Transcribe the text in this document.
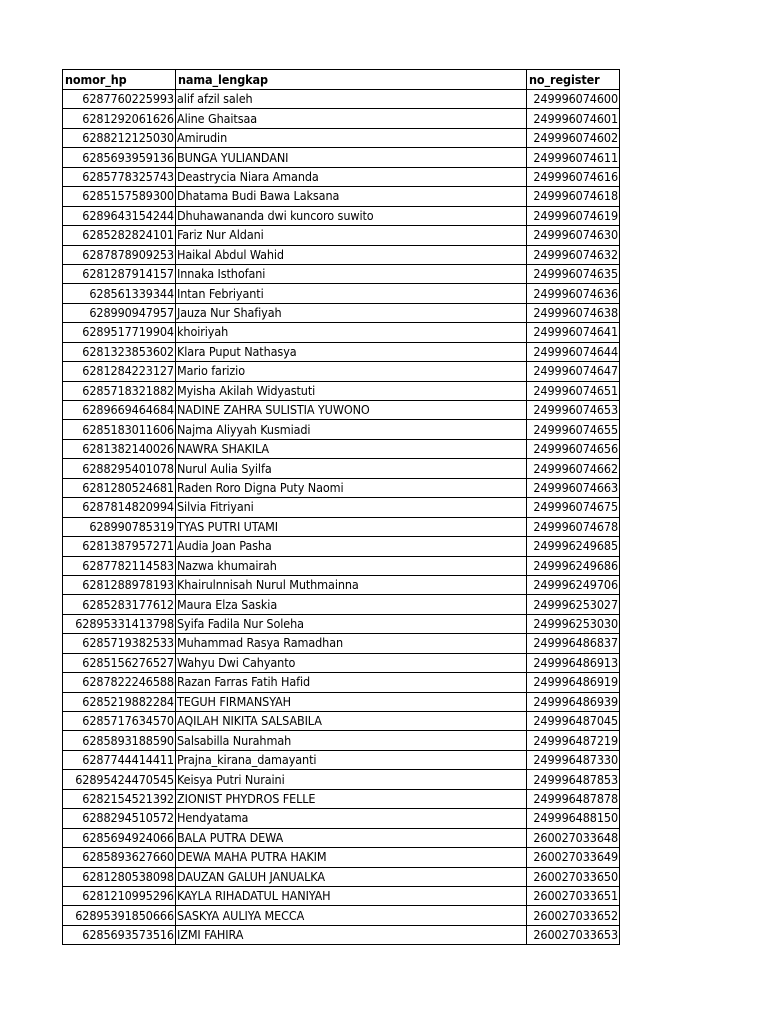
nomor_hp	nama_lengkap	no_register
6287760225993	alif afzil saleh	249996074600
6281292061626	Aline Ghaitsaa	249996074601
6288212125030	Amirudin	249996074602
6285693959136	BUNGA YULIANDANI	249996074611
6285778325743	Deastrycia Niara Amanda	249996074616
6285157589300	Dhatama Budi Bawa Laksana	249996074618
6289643154244	Dhuhawananda dwi kuncoro suwito	249996074619
6285282824101	Fariz Nur Aldani	249996074630
6287878909253	Haikal Abdul Wahid	249996074632
6281287914157	Innaka Isthofani	249996074635
628561339344	Intan Febriyanti	249996074636
628990947957	Jauza Nur Shafiyah	249996074638
6289517719904	khoiriyah	249996074641
6281323853602	Klara Puput Nathasya	249996074644
6281284223127	Mario farizio	249996074647
6285718321882	Myisha Akilah Widyastuti	249996074651
6289669464684	NADINE ZAHRA SULISTIA YUWONO	249996074653
6285183011606	Najma Aliyyah Kusmiadi	249996074655
6281382140026	NAWRA SHAKILA	249996074656
6288295401078	Nurul Aulia Syilfa	249996074662
6281280524681	Raden Roro Digna Puty Naomi	249996074663
6287814820994	Silvia Fitriyani	249996074675
628990785319	TYAS PUTRI UTAMI	249996074678
6281387957271	Audia Joan Pasha	249996249685
6287782114583	Nazwa khumairah	249996249686
6281288978193	Khairulnnisah Nurul Muthmainna	249996249706
6285283177612	Maura Elza Saskia	249996253027
62895331413798	Syifa Fadila Nur Soleha	249996253030
6285719382533	Muhammad Rasya Ramadhan	249996486837
6285156276527	Wahyu Dwi Cahyanto	249996486913
6287822246588	Razan Farras Fatih Hafid	249996486919
6285219882284	TEGUH FIRMANSYAH	249996486939
6285717634570	AQILAH NIKITA SALSABILA	249996487045
6285893188590	Salsabilla Nurahmah	249996487219
6287744414411	Prajna_kirana_damayanti	249996487330
62895424470545	Keisya Putri Nuraini	249996487853
6282154521392	ZIONIST PHYDROS FELLE	249996487878
6288294510572	Hendyatama	249996488150
6285694924066	BALA PUTRA DEWA	260027033648
6285893627660	DEWA MAHA PUTRA HAKIM	260027033649
6281280538098	DAUZAN GALUH JANUALKA	260027033650
6281210995296	KAYLA RIHADATUL HANIYAH	260027033651
62895391850666	SASKYA AULIYA MECCA	260027033652
6285693573516	IZMI FAHIRA	260027033653
